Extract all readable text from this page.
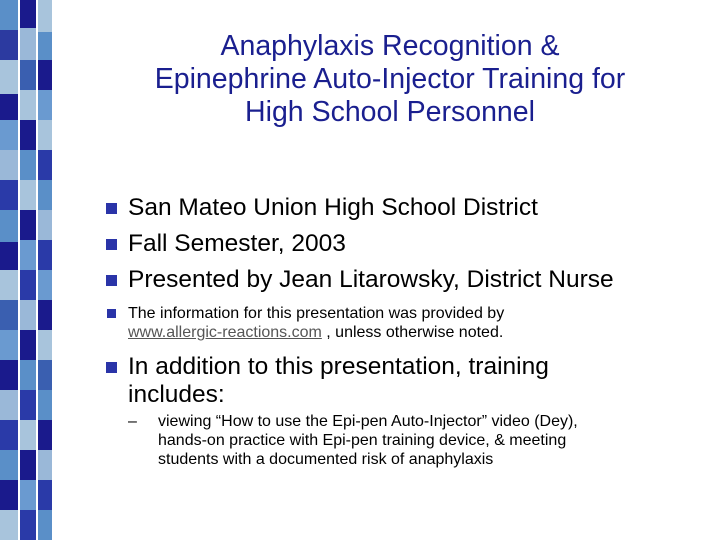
Anaphylaxis Recognition &
Epinephrine Auto-Injector Training for
High School Personnel
San Mateo Union High School District
Fall Semester, 2003
Presented by Jean Litarowsky, District Nurse
The information for this presentation was provided by
www.allergic-reactions.com , unless otherwise noted.
In addition to this presentation, training
includes:
– viewing “How to use the Epi-pen Auto-Injector” video (Dey),
hands-on practice with Epi-pen training device, & meeting
students with a documented risk of anaphylaxis
